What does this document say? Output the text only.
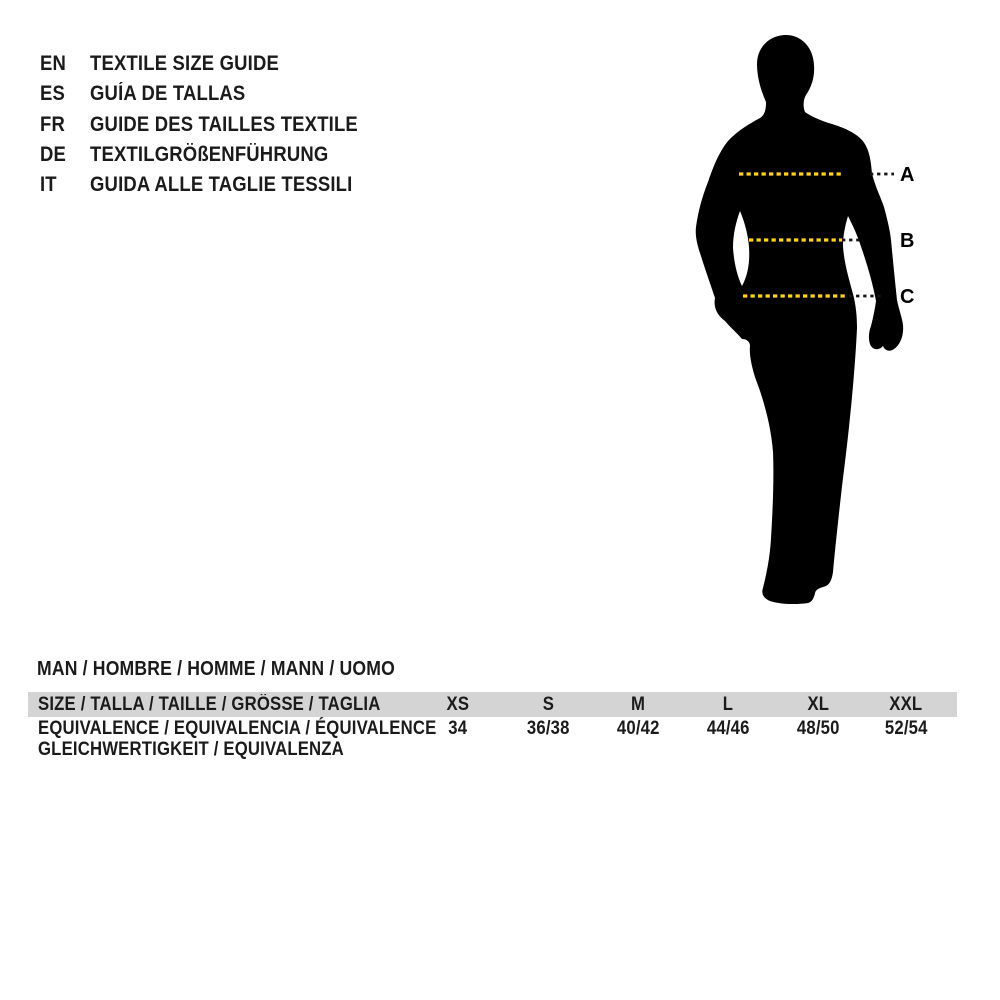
EN	TEXTILE SIZE GUIDE
ES	GUÍA DE TALLAS
FR	GUIDE DES TAILLES TEXTILE
DE	TEXTILGRÖßENFÜHRUNG
IT	GUIDA ALLE TAGLIE TESSILI	A
B
C
MAN / HOMBRE / HOMME / MANN / UOMO
SIZE / TALLA / TAILLE / GRÖSSE / TAGLIA	XS	S	M	L	XL	XXL
EQUIVALENCE / EQUIVALENCIA / ÉQUIVALENCE 34	36/38	40/42	44/46	48/50	52/54
GLEICHWERTIGKEIT / EQUIVALENZA
